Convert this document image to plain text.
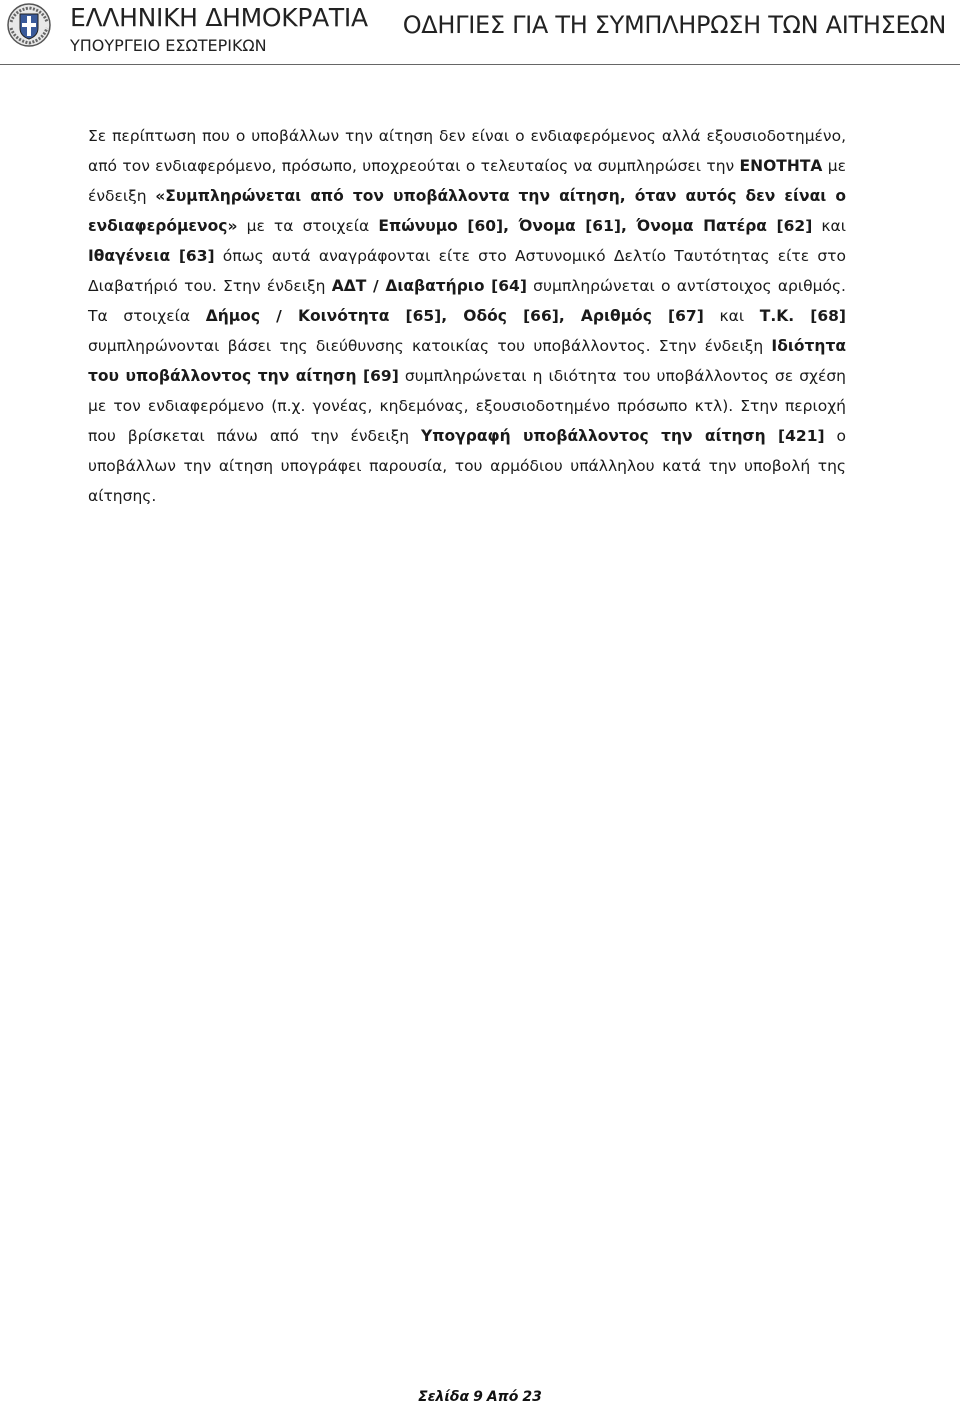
ΕΛΛΗΝΙΚΗ ΔΗΜΟΚΡΑΤΙΑ
ΥΠΟΥΡΓΕΙΟ ΕΣΩΤΕΡΙΚΩΝ
ΟΔΗΓΙΕΣ ΓΙΑ ΤΗ ΣΥΜΠΛΗΡΩΣΗ ΤΩΝ ΑΙΤΗΣΕΩΝ
Σε περίπτωση που ο υποβάλλων την αίτηση δεν είναι ο ενδιαφερόμενος αλλά εξουσιοδοτημένο, από τον ενδιαφερόμενο, πρόσωπο, υποχρεούται ο τελευταίος να συμπληρώσει την ΕΝΟΤΗΤΑ με ένδειξη «Συμπληρώνεται από τον υποβάλλοντα την αίτηση, όταν αυτός δεν είναι ο ενδιαφερόμενος» με τα στοιχεία Επώνυμο [60], Όνομα [61], Όνομα Πατέρα [62] και Ιθαγένεια [63] όπως αυτά αναγράφονται είτε στο Αστυνομικό Δελτίο Ταυτότητας είτε στο Διαβατήριό του. Στην ένδειξη ΑΔΤ / Διαβατήριο [64] συμπληρώνεται ο αντίστοιχος αριθμός. Τα στοιχεία Δήμος / Κοινότητα [65], Οδός [66], Αριθμός [67] και Τ.Κ. [68] συμπληρώνονται βάσει της διεύθυνσης κατοικίας του υποβάλλοντος. Στην ένδειξη Ιδιότητα του υποβάλλοντος την αίτηση [69] συμπληρώνεται η ιδιότητα του υποβάλλοντος σε σχέση με τον ενδιαφερόμενο (π.χ. γονέας, κηδεμόνας, εξουσιοδοτημένο πρόσωπο κτλ). Στην περιοχή που βρίσκεται πάνω από την ένδειξη Υπογραφή υποβάλλοντος την αίτηση [421] ο υποβάλλων την αίτηση υπογράφει παρουσία, του αρμόδιου υπάλληλου κατά την υποβολή της αίτησης.
Σελίδα 9 Από 23
